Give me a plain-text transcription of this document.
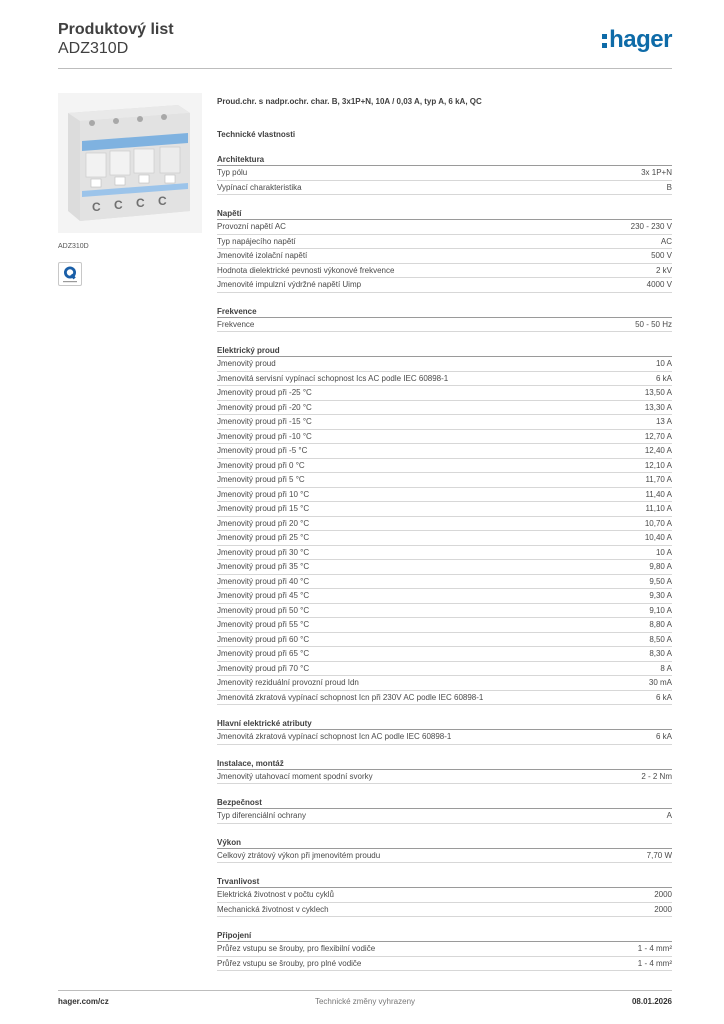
Produktový list
ADZ310D	hager
C C C C
ADZ310D
Proud.chr. s nadpr.ochr. char. B, 3x1P+N, 10A / 0,03 A, typ A, 6 kA, QC
Technické vlastnosti
Architektura
Typ pólu	3x 1P+N
Vypínací charakteristika	B
Napětí
Provozní napětí AC	230 - 230 V
Typ napájecího napětí	AC
Jmenovité izolační napětí	500 V
Hodnota dielektrické pevnosti výkonové frekvence	2 kV
Jmenovité impulzní výdržné napětí Uimp	4000 V
Frekvence
Frekvence	50 - 50 Hz
Elektrický proud
Jmenovitý proud	10 A
Jmenovitá servisní vypínací schopnost Ics AC podle IEC 60898-1	6 kA
Jmenovitý proud při -25 °C	13,50 A
Jmenovitý proud při -20 °C	13,30 A
Jmenovitý proud při -15 °C	13 A
Jmenovitý proud při -10 °C	12,70 A
Jmenovitý proud při -5 °C	12,40 A
Jmenovitý proud při 0 °C	12,10 A
Jmenovitý proud při 5 °C	11,70 A
Jmenovitý proud při 10 °C	11,40 A
Jmenovitý proud při 15 °C	11,10 A
Jmenovitý proud při 20 °C	10,70 A
Jmenovitý proud při 25 °C	10,40 A
Jmenovitý proud při 30 °C	10 A
Jmenovitý proud při 35 °C	9,80 A
Jmenovitý proud při 40 °C	9,50 A
Jmenovitý proud při 45 °C	9,30 A
Jmenovitý proud při 50 °C	9,10 A
Jmenovitý proud při 55 °C	8,80 A
Jmenovitý proud při 60 °C	8,50 A
Jmenovitý proud při 65 °C	8,30 A
Jmenovitý proud při 70 °C	8 A
Jmenovitý reziduální provozní proud Idn	30 mA
Jmenovitá zkratová vypínací schopnost Icn při 230V AC podle IEC 60898-1	6 kA
Hlavní elektrické atributy
Jmenovitá zkratová vypínací schopnost Icn AC podle IEC 60898-1	6 kA
Instalace, montáž
Jmenovitý utahovací moment spodní svorky	2 - 2 Nm
Bezpečnost
Typ diferenciální ochrany	A
Výkon
Celkový ztrátový výkon při jmenovitém proudu	7,70 W
Trvanlivost
Elektrická životnost v počtu cyklů	2000
Mechanická životnost v cyklech	2000
Připojení
Průřez vstupu se šrouby, pro flexibilní vodiče	1 - 4 mm²
Průřez vstupu se šrouby, pro plné vodiče	1 - 4 mm²
hager.com/cz	Technické změny vyhrazeny	08.01.2026
